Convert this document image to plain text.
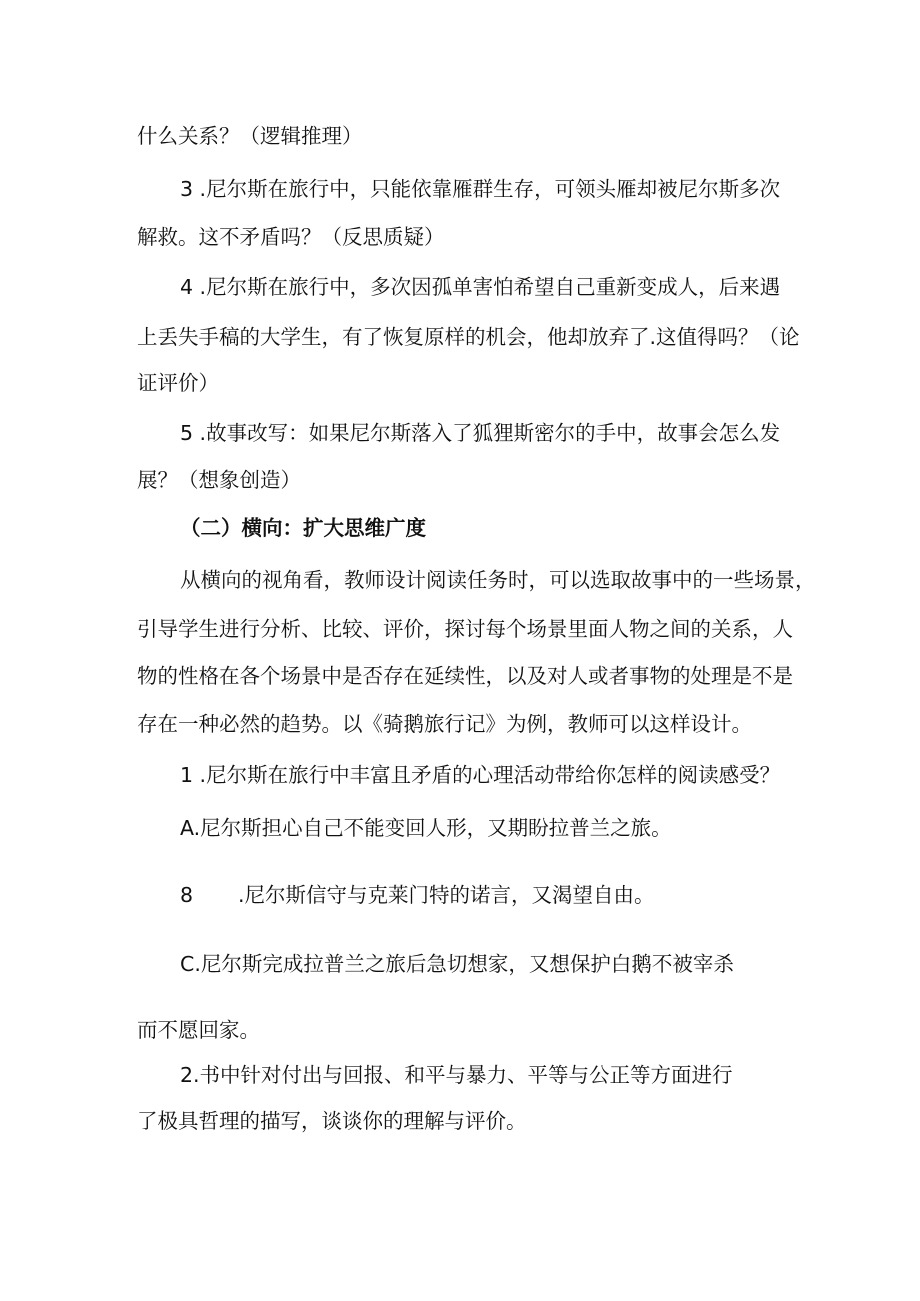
什么关系？（逻辑推理）

3 .尼尔斯在旅行中，只能依靠雁群生存，可领头雁却被尼尔斯多次

解救。这不矛盾吗？（反思质疑）

4 .尼尔斯在旅行中，多次因孤单害怕希望自己重新变成人，后来遇

上丢失手稿的大学生，有了恢复原样的机会，他却放弃了.这值得吗？（论

证评价）

5 .故事改写：如果尼尔斯落入了狐狸斯密尔的手中，故事会怎么发

展？（想象创造）

（二）横向：扩大思维广度

从横向的视角看，教师设计阅读任务时，可以选取故事中的一些场景，

引导学生进行分析、比较、评价，探讨每个场景里面人物之间的关系，人

物的性格在各个场景中是否存在延续性，以及对人或者事物的处理是不是

存在一种必然的趋势。以《骑鹅旅行记》为例，教师可以这样设计。

1 .尼尔斯在旅行中丰富且矛盾的心理活动带给你怎样的阅读感受？

A.尼尔斯担心自己不能变回人形，又期盼拉普兰之旅。

8 .尼尔斯信守与克莱门特的诺言，又渴望自由。

C.尼尔斯完成拉普兰之旅后急切想家，又想保护白鹅不被宰杀

而不愿回家。

2.书中针对付出与回报、和平与暴力、平等与公正等方面进行

了极具哲理的描写，谈谈你的理解与评价。
